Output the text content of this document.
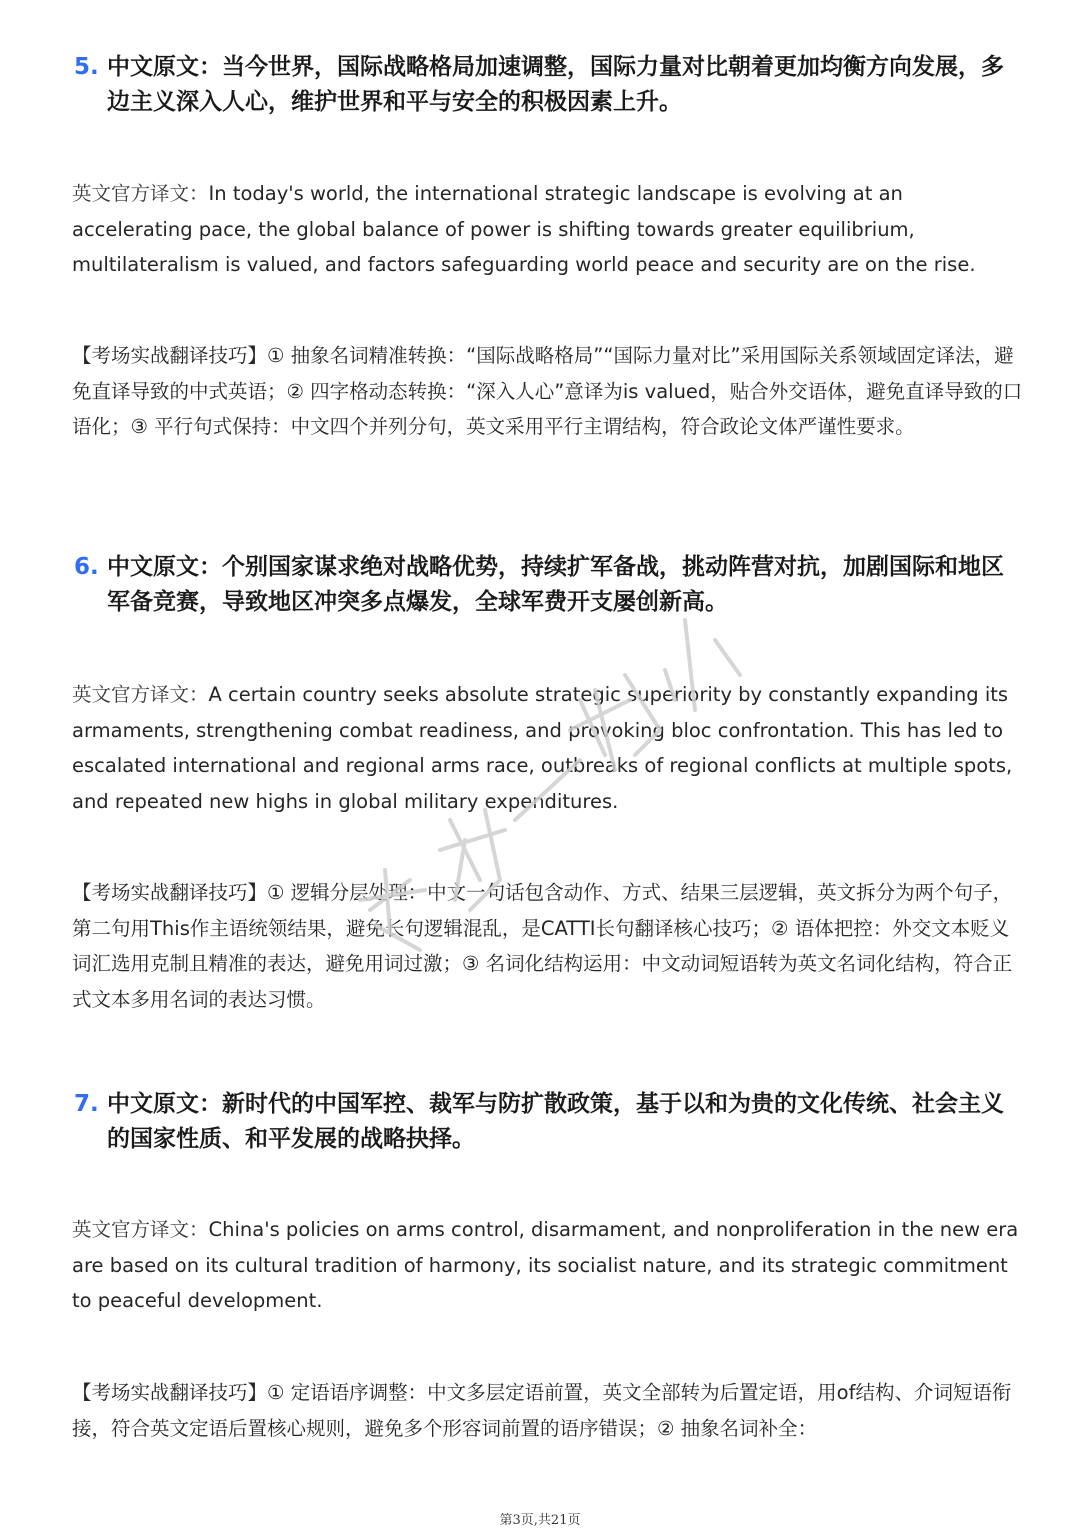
5. 中文原文：当今世界，国际战略格局加速调整，国际力量对比朝着更加均衡方向发展，多边主义深入人心，维护世界和平与安全的积极因素上升。
英文官方译文：In today's world, the international strategic landscape is evolving at an accelerating pace, the global balance of power is shifting towards greater equilibrium, multilateralism is valued, and factors safeguarding world peace and security are on the rise.
【考场实战翻译技巧】① 抽象名词精准转换：“国际战略格局”“国际力量对比”采用国际关系领域固定译法，避免直译导致的中式英语；② 四字格动态转换：“深入人心”意译为is valued，贴合外交语体，避免直译导致的口语化；③ 平行句式保持：中文四个并列分句，英文采用平行主谓结构，符合政论文体严谨性要求。
6. 中文原文：个别国家谋求绝对战略优势，持续扩军备战，挑动阵营对抗，加剧国际和地区军备竞赛，导致地区冲突多点爆发，全球军费开支屡创新高。
英文官方译文：A certain country seeks absolute strategic superiority by constantly expanding its armaments, strengthening combat readiness, and provoking bloc confrontation. This has led to escalated international and regional arms race, outbreaks of regional conflicts at multiple spots, and repeated new highs in global military expenditures.
【考场实战翻译技巧】① 逻辑分层处理：中文一句话包含动作、方式、结果三层逻辑，英文拆分为两个句子，第二句用This作主语统领结果，避免长句逻辑混乱，是CATTI长句翻译核心技巧；② 语体把控：外交文本贬义词汇选用克制且精准的表达，避免用词过激；③ 名词化结构运用：中文动词短语转为英文名词化结构，符合正式文本多用名词的表达习惯。
7. 中文原文：新时代的中国军控、裁军与防扩散政策，基于以和为贵的文化传统、社会主义的国家性质、和平发展的战略抉择。
英文官方译文：China's policies on arms control, disarmament, and nonproliferation in the new era are based on its cultural tradition of harmony, its socialist nature, and its strategic commitment to peaceful development.
【考场实战翻译技巧】① 定语语序调整：中文多层定语前置，英文全部转为后置定语，用of结构、介词短语衔接，符合英文定语后置核心规则，避免多个形容词前置的语序错误；② 抽象名词补全：
第3页,共21页
